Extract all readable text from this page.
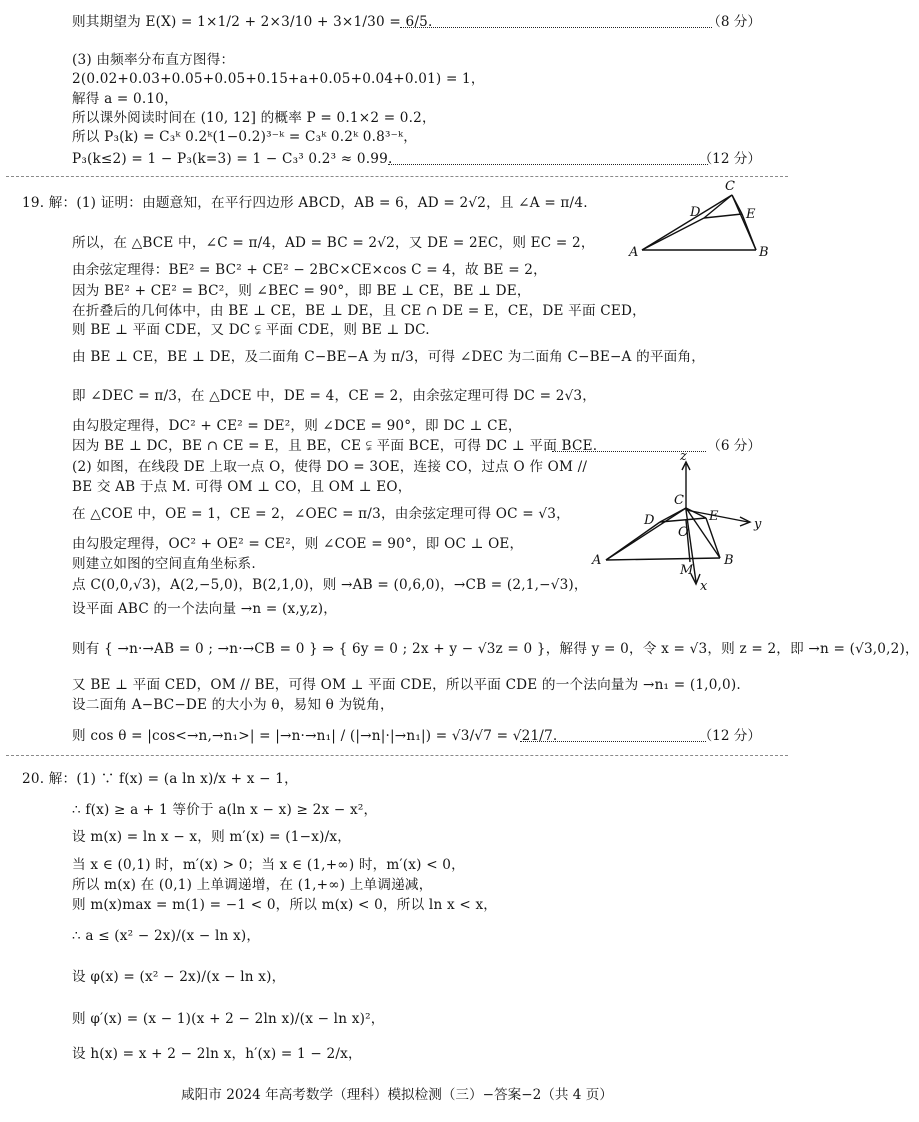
则其期望为 E(X) = 1×1/2 + 2×3/10 + 3×1/30 = 6/5.	（8 分）
(3) 由频率分布直方图得：
2(0.02+0.03+0.05+0.05+0.15+a+0.05+0.04+0.01) = 1，
解得 a = 0.10，
所以课外阅读时间在 (10, 12] 的概率 P = 0.1×2 = 0.2，
所以 P₃(k) = C₃ᵏ 0.2ᵏ(1−0.2)³⁻ᵏ = C₃ᵏ 0.2ᵏ 0.8³⁻ᵏ，
P₃(k≤2) = 1 − P₃(k=3) = 1 − C₃³ 0.2³ ≈ 0.99.	（12 分）
19. 解：(1) 证明：由题意知，在平行四边形 ABCD，AB = 6，AD = 2√2，且 ∠A = π/4.
所以，在 △BCE 中，∠C = π/4，AD = BC = 2√2，又 DE = 2EC，则 EC = 2，
由余弦定理得：BE² = BC² + CE² − 2BC×CE×cos C = 4，故 BE = 2，
因为 BE² + CE² = BC²，则 ∠BEC = 90°，即 BE ⊥ CE，BE ⊥ DE，
在折叠后的几何体中，由 BE ⊥ CE，BE ⊥ DE，且 CE ∩ DE = E，CE，DE 平面 CED，
则 BE ⊥ 平面 CDE，又 DC ⫋ 平面 CDE，则 BE ⊥ DC.
由 BE ⊥ CE，BE ⊥ DE，及二面角 C−BE−A 为 π/3，可得 ∠DEC 为二面角 C−BE−A 的平面角，
即 ∠DEC = π/3，在 △DCE 中，DE = 4，CE = 2，由余弦定理可得 DC = 2√3，
由勾股定理得，DC² + CE² = DE²，则 ∠DCE = 90°，即 DC ⊥ CE，
因为 BE ⊥ DC，BE ∩ CE = E，且 BE，CE ⫋ 平面 BCE，可得 DC ⊥ 平面 BCE.	（6 分）
(2) 如图，在线段 DE 上取一点 O，使得 DO = 3OE，连接 CO，过点 O 作 OM //
BE 交 AB 于点 M. 可得 OM ⊥ CO，且 OM ⊥ EO，
在 △COE 中，OE = 1，CE = 2，∠OEC = π/3，由余弦定理可得 OC = √3，
由勾股定理得，OC² + OE² = CE²，则 ∠COE = 90°，即 OC ⊥ OE，
则建立如图的空间直角坐标系.
点 C(0,0,√3)，A(2,−5,0)，B(2,1,0)，则 →AB = (0,6,0)，→CB = (2,1,−√3)，
设平面 ABC 的一个法向量 →n = (x,y,z)，
则有 { →n·→AB = 0 ; →n·→CB = 0 } ⇒ { 6y = 0 ; 2x + y − √3z = 0 }，解得 y = 0，令 x = √3，则 z = 2，即 →n = (√3,0,2)，
又 BE ⊥ 平面 CED，OM // BE，可得 OM ⊥ 平面 CDE，所以平面 CDE 的一个法向量为 →n₁ = (1,0,0).
设二面角 A−BC−DE 的大小为 θ，易知 θ 为锐角，
则 cos θ = |cos<→n,→n₁>| = |→n·→n₁| / (|→n|·|→n₁|) = √3/√7 = √21/7.	（12 分）
20. 解：(1) ∵ f(x) = (a ln x)/x + x − 1，
∴ f(x) ≥ a + 1 等价于 a(ln x − x) ≥ 2x − x²，
设 m(x) = ln x − x，则 m′(x) = (1−x)/x，
当 x ∈ (0,1) 时，m′(x) > 0；当 x ∈ (1,+∞) 时，m′(x) < 0，
所以 m(x) 在 (0,1) 上单调递增，在 (1,+∞) 上单调递减，
则 m(x)max = m(1) = −1 < 0，所以 m(x) < 0，所以 ln x < x，
∴ a ≤ (x² − 2x)/(x − ln x)，
设 φ(x) = (x² − 2x)/(x − ln x)，
则 φ′(x) = (x − 1)(x + 2 − 2ln x)/(x − ln x)²，
设 h(x) = x + 2 − 2ln x，h′(x) = 1 − 2/x，
咸阳市 2024 年高考数学（理科）模拟检测（三）−答案−2（共 4 页）
A	B
C
D	E
z
y
x
A	B
C
D	E
O
M
